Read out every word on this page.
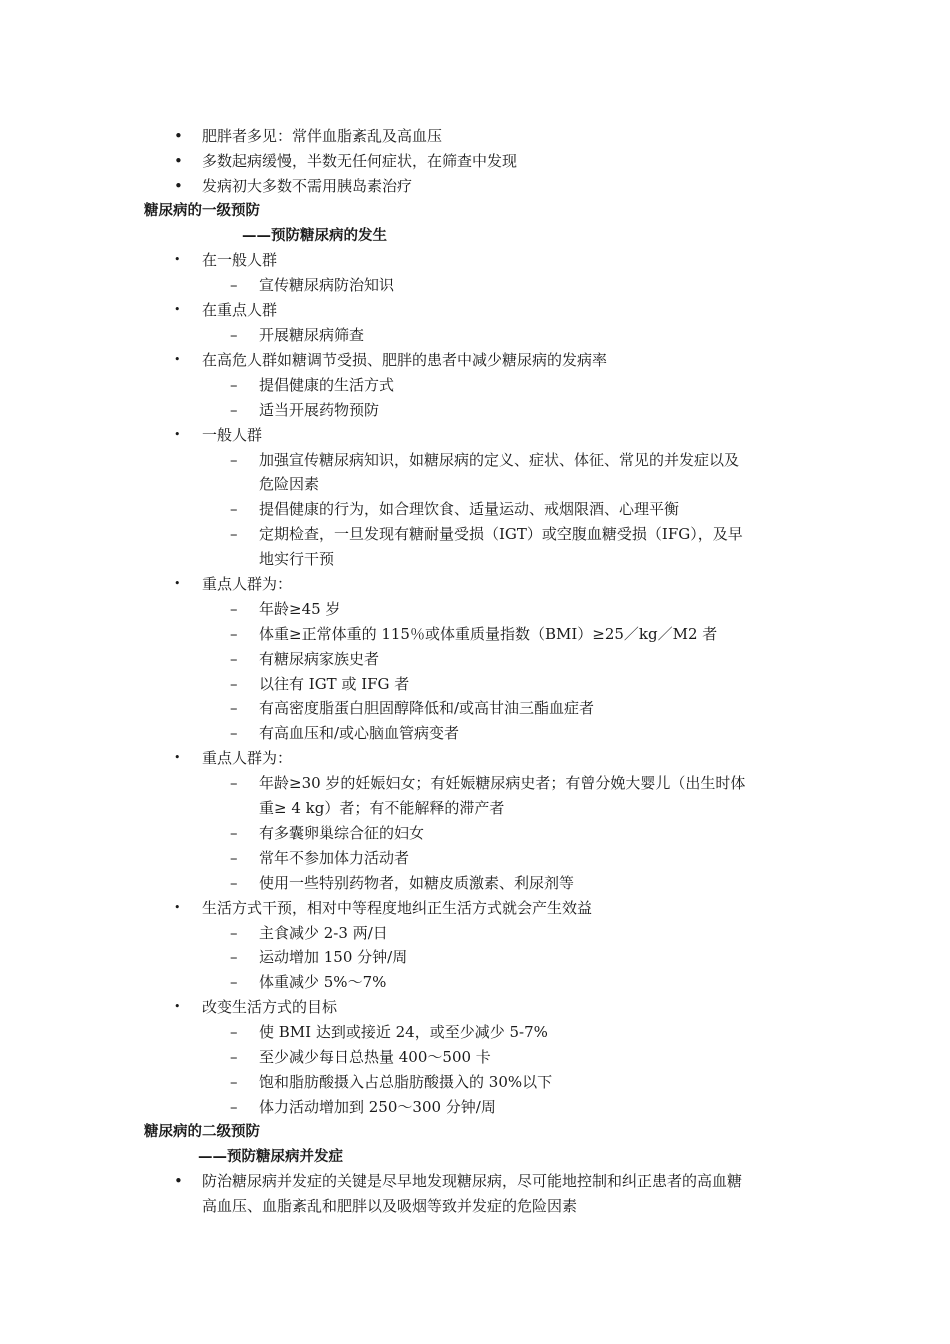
• 肥胖者多见：常伴血脂紊乱及高血压
• 多数起病缓慢，半数无任何症状，在筛查中发现
• 发病初大多数不需用胰岛素治疗
糖尿病的一级预防
——预防糖尿病的发生
• 在一般人群
– 宣传糖尿病防治知识
• 在重点人群
– 开展糖尿病筛查
• 在高危人群如糖调节受损、肥胖的患者中减少糖尿病的发病率
– 提倡健康的生活方式
– 适当开展药物预防
• 一般人群
– 加强宣传糖尿病知识，如糖尿病的定义、症状、体征、常见的并发症以及
危险因素
– 提倡健康的行为，如合理饮食、适量运动、戒烟限酒、心理平衡
– 定期检查，一旦发现有糖耐量受损（IGT）或空腹血糖受损（IFG），及早
地实行干预
• 重点人群为：
– 年龄≥45 岁
– 体重≥正常体重的 115％或体重质量指数（BMI）≥25／kg／M2 者
– 有糖尿病家族史者
– 以往有 IGT 或 IFG 者
– 有高密度脂蛋白胆固醇降低和/或高甘油三酯血症者
– 有高血压和/或心脑血管病变者
• 重点人群为：
– 年龄≥30 岁的妊娠妇女；有妊娠糖尿病史者；有曾分娩大婴儿（出生时体
重≥ 4 kg）者；有不能解释的滞产者
– 有多囊卵巢综合征的妇女
– 常年不参加体力活动者
– 使用一些特别药物者，如糖皮质激素、利尿剂等
• 生活方式干预，相对中等程度地纠正生活方式就会产生效益
– 主食减少 2-3 两/日
– 运动增加 150 分钟/周
– 体重减少 5%～7%
• 改变生活方式的目标
– 使 BMI 达到或接近 24，或至少减少 5-7%
– 至少减少每日总热量 400～500 卡
– 饱和脂肪酸摄入占总脂肪酸摄入的 30%以下
– 体力活动增加到 250～300 分钟/周
糖尿病的二级预防
——预防糖尿病并发症
• 防治糖尿病并发症的关键是尽早地发现糖尿病，尽可能地控制和纠正患者的高血糖
高血压、血脂紊乱和肥胖以及吸烟等致并发症的危险因素
